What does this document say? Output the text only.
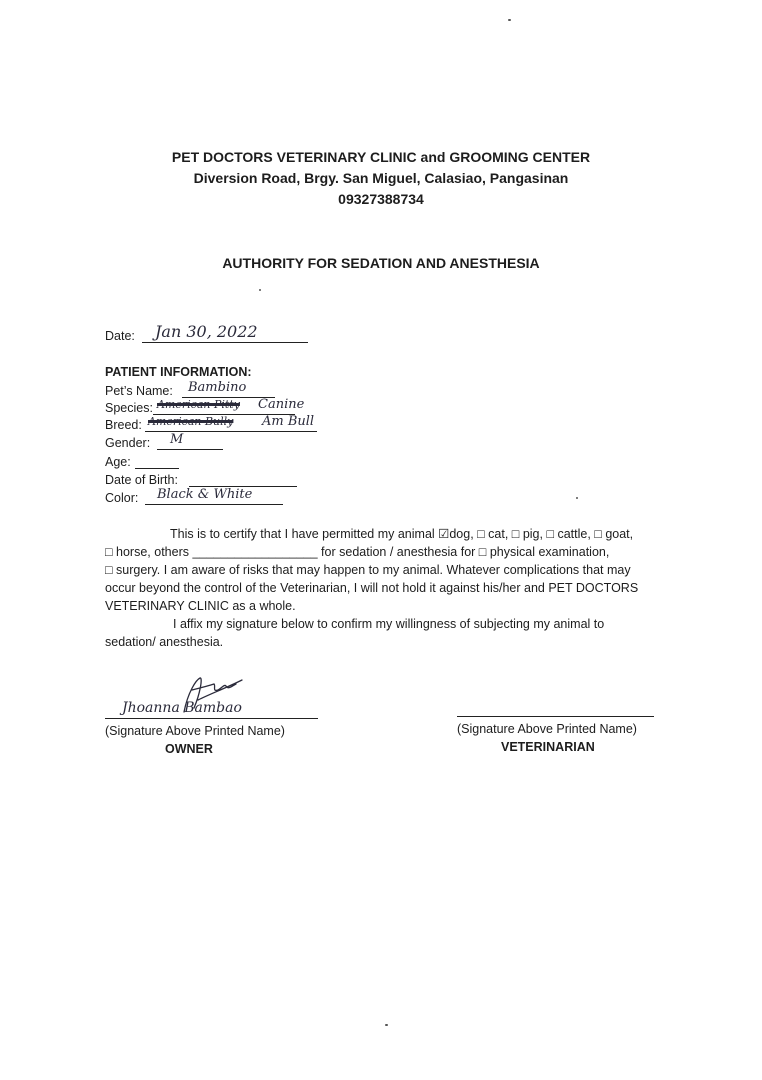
PET DOCTORS VETERINARY CLINIC and GROOMING CENTER
Diversion Road, Brgy. San Miguel, Calasiao, Pangasinan
09327388734
AUTHORITY FOR SEDATION AND ANESTHESIA
Date: Jan 30, 2022
PATIENT INFORMATION:
Pet’s Name: Bambino
Species: American Pitty Canine
Breed: American Bully Am Bull
Gender: M
Age:
Date of Birth:
Color: Black & White
This is to certify that I have permitted my animal ☑dog, □ cat, □ pig, □ cattle, □ goat,
□ horse, others __________________ for sedation / anesthesia for □ physical examination,
□ surgery. I am aware of risks that may happen to my animal. Whatever complications that may
occur beyond the control of the Veterinarian, I will not hold it against his/her and PET DOCTORS
VETERINARY CLINIC as a whole.
I affix my signature below to confirm my willingness of subjecting my animal to
sedation/ anesthesia.
Jhoanna Bambao
(Signature Above Printed Name)
OWNER
(Signature Above Printed Name)
VETERINARIAN
